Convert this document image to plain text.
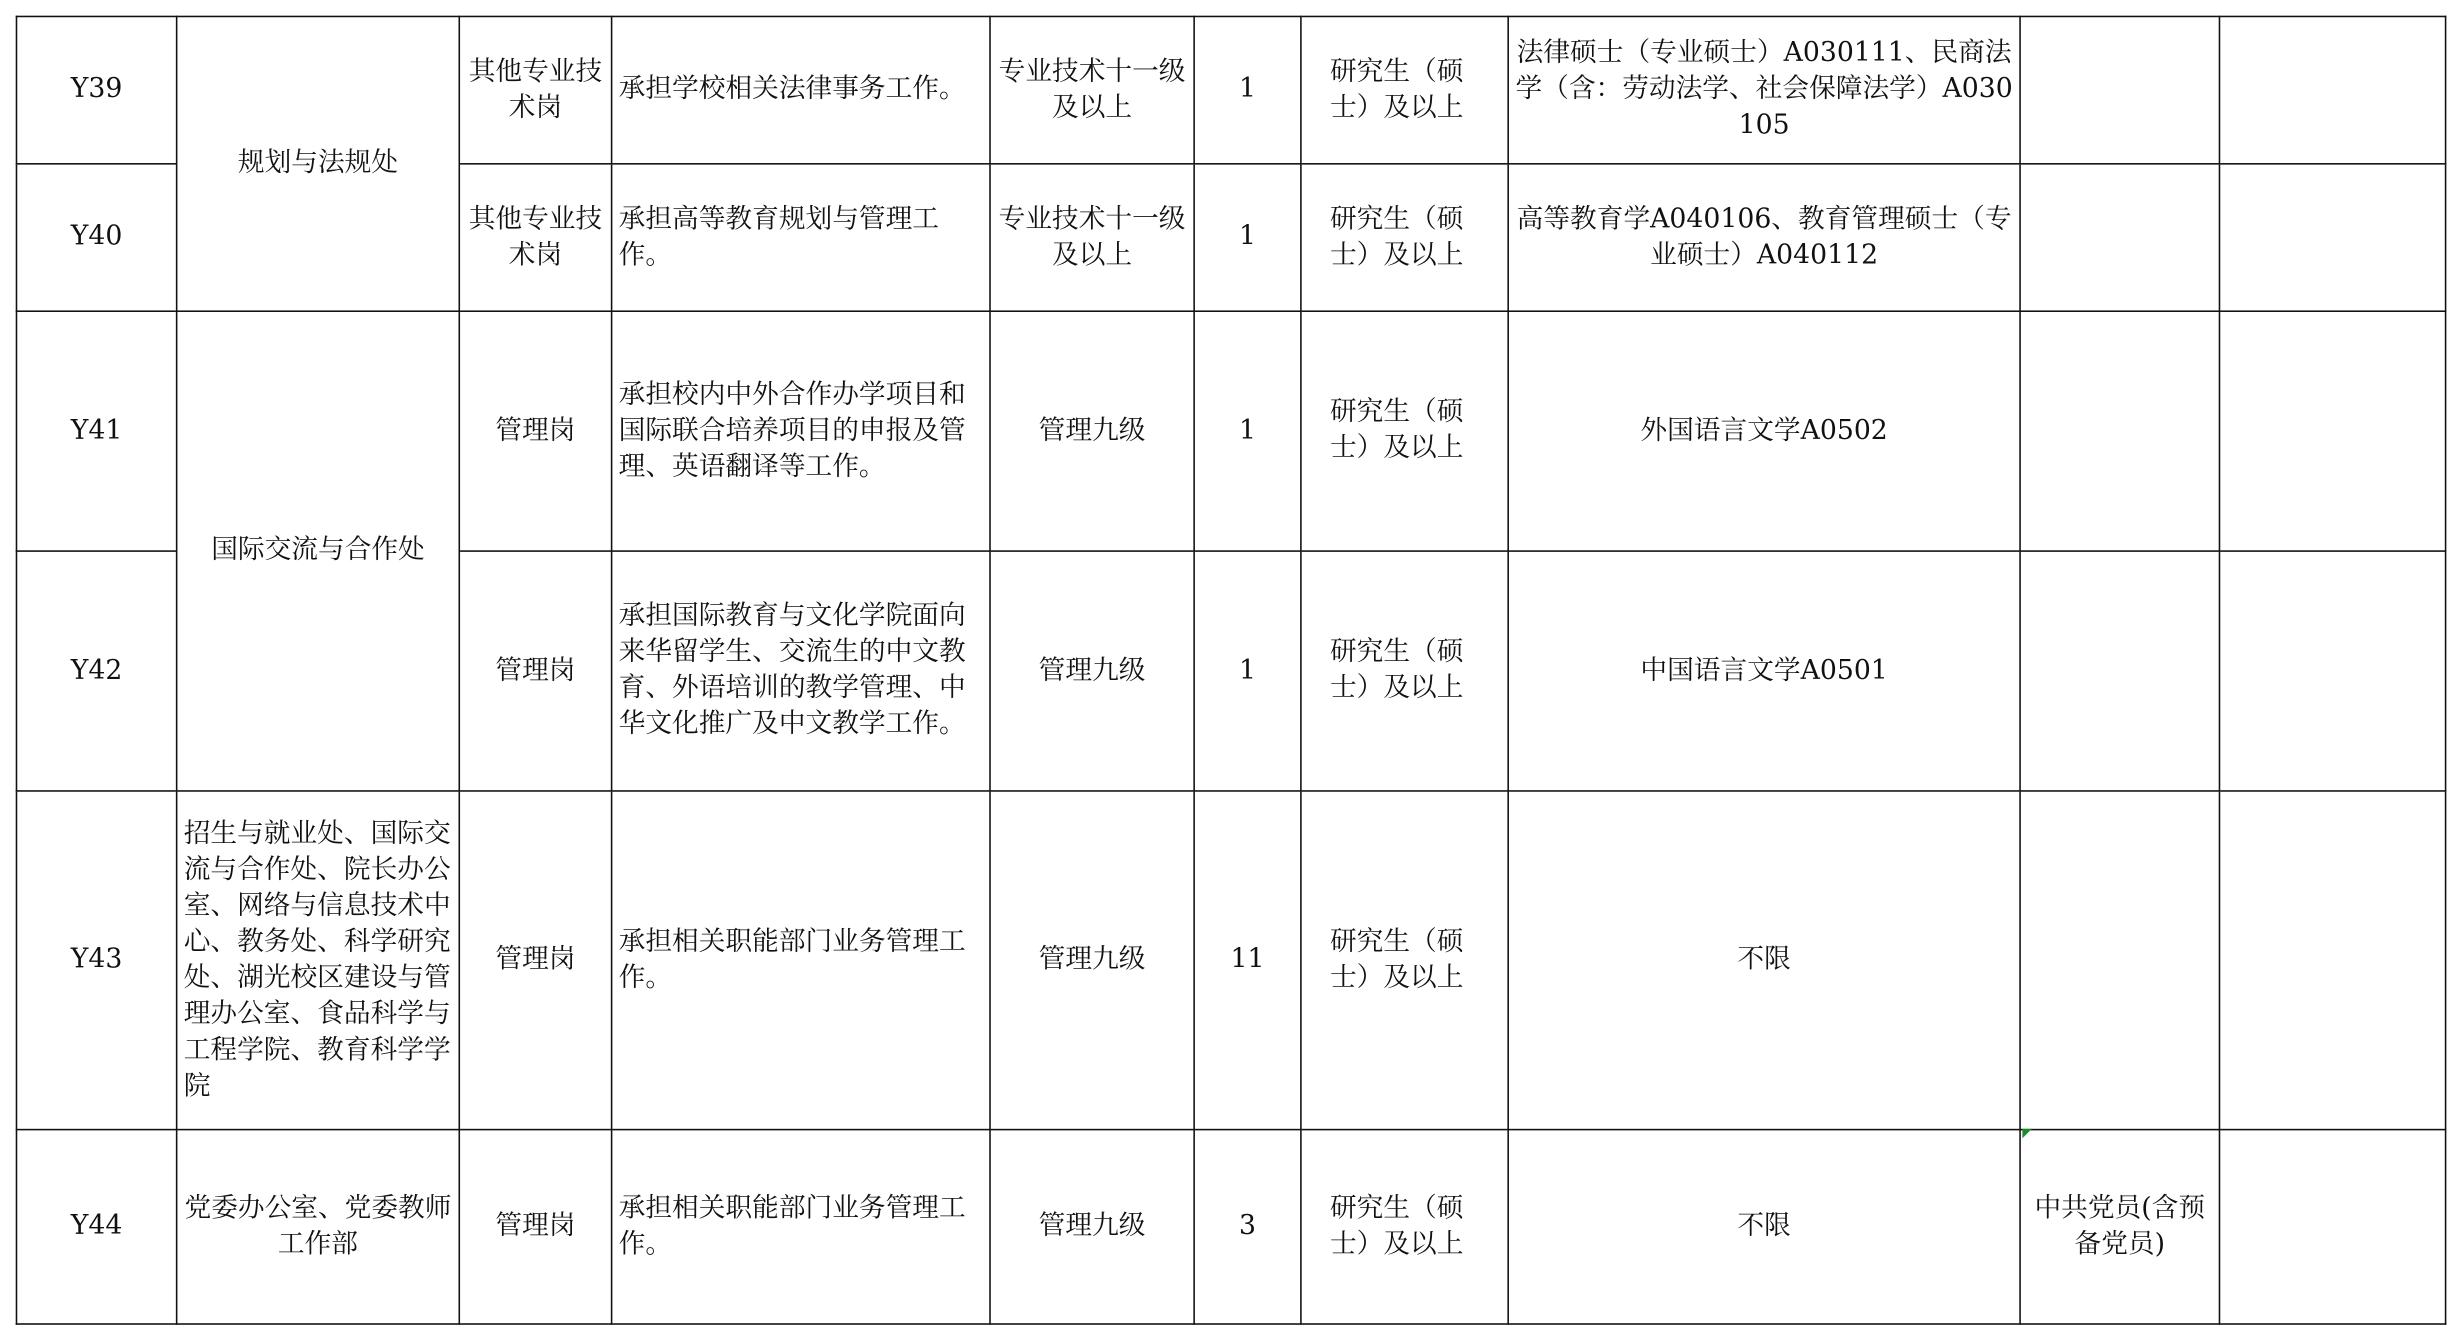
Y39	规划与法规处	其他专业技术岗	承担学校相关法律事务工作。	专业技术十一级及以上	1	研究生（硕士）及以上	法律硕士（专业硕士）A030111、民商法学（含：劳动法学、社会保障法学）A030105		
Y40		其他专业技术岗	承担高等教育规划与管理工作。	专业技术十一级及以上	1	研究生（硕士）及以上	高等教育学A040106、教育管理硕士（专业硕士）A040112		
Y41	国际交流与合作处	管理岗	承担校内中外合作办学项目和国际联合培养项目的申报及管理、英语翻译等工作。	管理九级	1	研究生（硕士）及以上	外国语言文学A0502		
Y42		管理岗	承担国际教育与文化学院面向来华留学生、交流生的中文教育、外语培训的教学管理、中华文化推广及中文教学工作。	管理九级	1	研究生（硕士）及以上	中国语言文学A0501		
Y43	招生与就业处、国际交流与合作处、院长办公室、网络与信息技术中心、教务处、科学研究处、湖光校区建设与管理办公室、食品科学与工程学院、教育科学学院	管理岗	承担相关职能部门业务管理工作。	管理九级	11	研究生（硕士）及以上	不限		
Y44	党委办公室、党委教师工作部	管理岗	承担相关职能部门业务管理工作。	管理九级	3	研究生（硕士）及以上	不限	中共党员(含预备党员)	
